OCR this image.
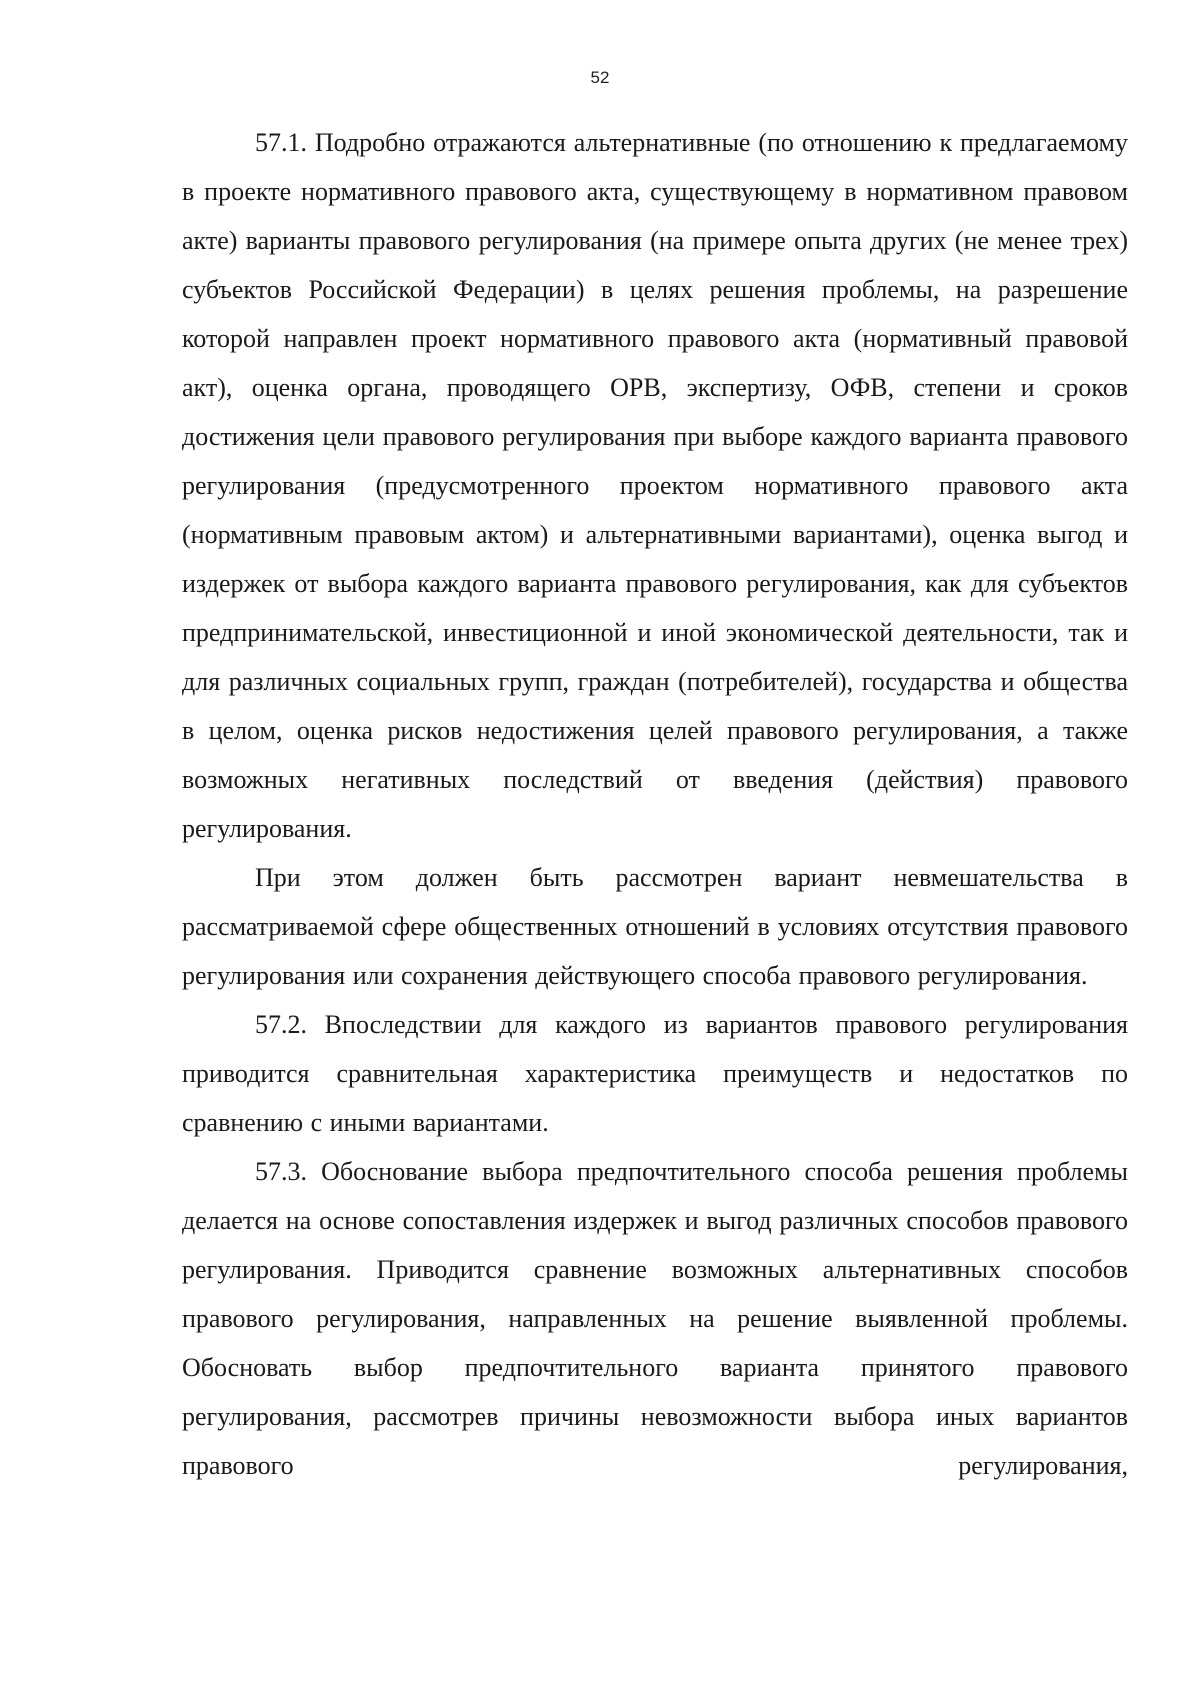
52

57.1. Подробно отражаются альтернативные (по отношению к предлагаемому в проекте нормативного правового акта, существующему в нормативном правовом акте) варианты правового регулирования (на примере опыта других (не менее трех) субъектов Российской Федерации) в целях решения проблемы, на разрешение которой направлен проект нормативного правового акта (нормативный правовой акт), оценка органа, проводящего ОРВ, экспертизу, ОФВ, степени и сроков достижения цели правового регулирования при выборе каждого варианта правового регулирования (предусмотренного проектом нормативного правового акта (нормативным правовым актом) и альтернативными вариантами), оценка выгод и издержек от выбора каждого варианта правового регулирования, как для субъектов предпринимательской, инвестиционной и иной экономической деятельности, так и для различных социальных групп, граждан (потребителей), государства и общества в целом, оценка рисков недостижения целей правового регулирования, а также возможных негативных последствий от введения (действия) правового регулирования.

При этом должен быть рассмотрен вариант невмешательства в рассматриваемой сфере общественных отношений в условиях отсутствия правового регулирования или сохранения действующего способа правового регулирования.

57.2. Впоследствии для каждого из вариантов правового регулирования приводится сравнительная характеристика преимуществ и недостатков по сравнению с иными вариантами.

57.3. Обоснование выбора предпочтительного способа решения проблемы делается на основе сопоставления издержек и выгод различных способов правового регулирования. Приводится сравнение возможных альтернативных способов правового регулирования, направленных на решение выявленной проблемы. Обосновать выбор предпочтительного варианта принятого правового регулирования, рассмотрев причины невозможности выбора иных вариантов правового регулирования,
